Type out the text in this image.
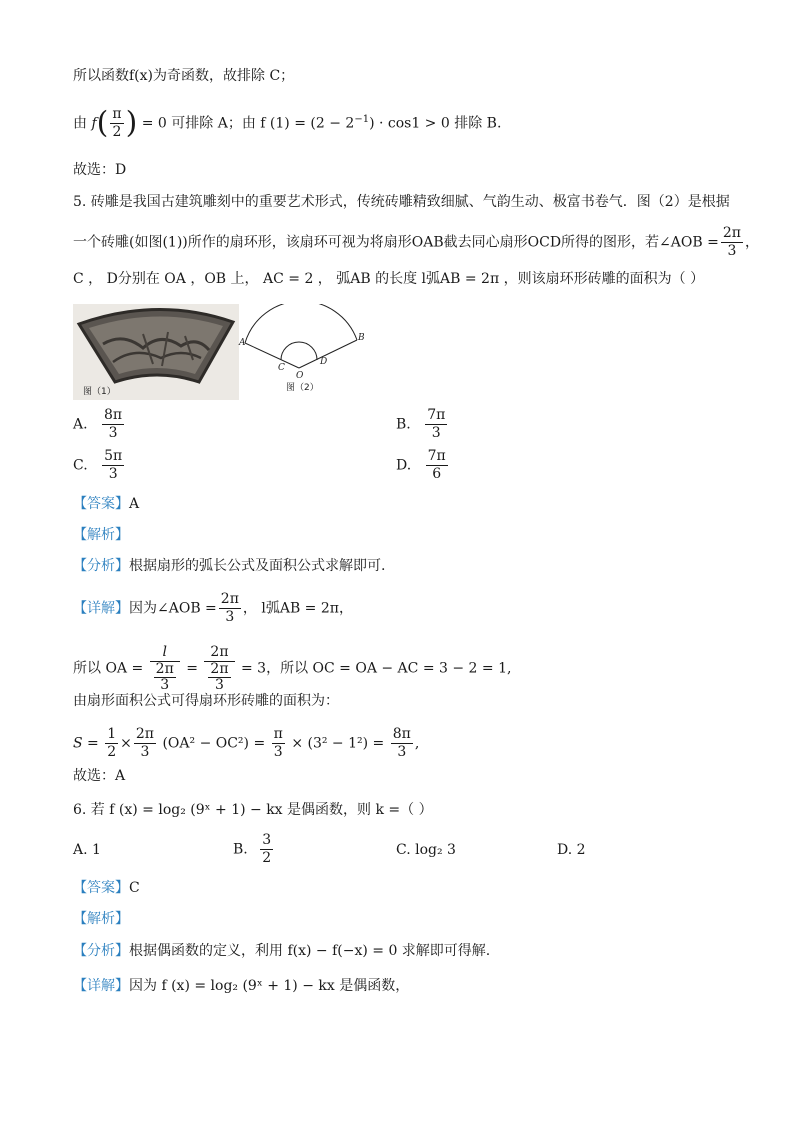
所以函数f(x)为奇函数，故排除 C；
由 $f( \frac{\pi}{2}$ ) = 0 可排除 A；由 f $(1) = (2 - 2^{-1}) \cdot \cos 1 > 0$ 排除 B.
故选：D
5. 砖雕是我国古建筑雕刻中的重要艺术形式，传统砖雕精致细腻、气韵生动、极富书卷气．图（2）是根据
一个砖雕(如图(1))所作的扇环形，该扇环可视为将扇形OAB截去同心扇形OCD所得的图形，若∠AOB = $\frac{2\pi}{3}$ ，
C ， D分别在 OA ，OB 上， AC = 2 ， 弧AB 的长度 l弧AB = 2π ，则该扇环形砖雕的面积为（ ）
图（1）
A	B
C
D
O
图（2）
A. $\frac{8\pi}{3}$	B. $\frac{7\pi}{3}$
C. $\frac{5\pi}{3}$	D. $\frac{7\pi}{6}$
【答案】A
【解析】
【分析】根据扇形的弧长公式及面积公式求解即可.
【详解】因为∠AOB = $\frac{2\pi}{3}$ ， l弧AB = 2π，
所以 OA = $\frac{l}{\frac{2\pi}{3}} = \frac{2\pi}{\frac{2\pi}{3}} = 3$，所以 OC = OA − AC = 3 − 2 = 1,
由扇形面积公式可得扇环形砖雕的面积为：
$S = \frac{1}{2} \times \frac{2\pi}{3} (OA^2 - OC^2) = \frac{\pi}{3} \times (3^2 - 1^2) = \frac{8\pi}{3}$ ,
故选：A
6. 若 f (x) = log₂ (9ˣ + 1) − kx 是偶函数，则 k =（ ）
A. 1	B. $\frac{3}{2}$	C. log₂ 3	D. 2
【答案】C
【解析】
【分析】根据偶函数的定义，利用 f(x) − f(−x) = 0 求解即可得解.
【详解】因为 f (x) = log₂ (9ˣ + 1) − kx 是偶函数，
